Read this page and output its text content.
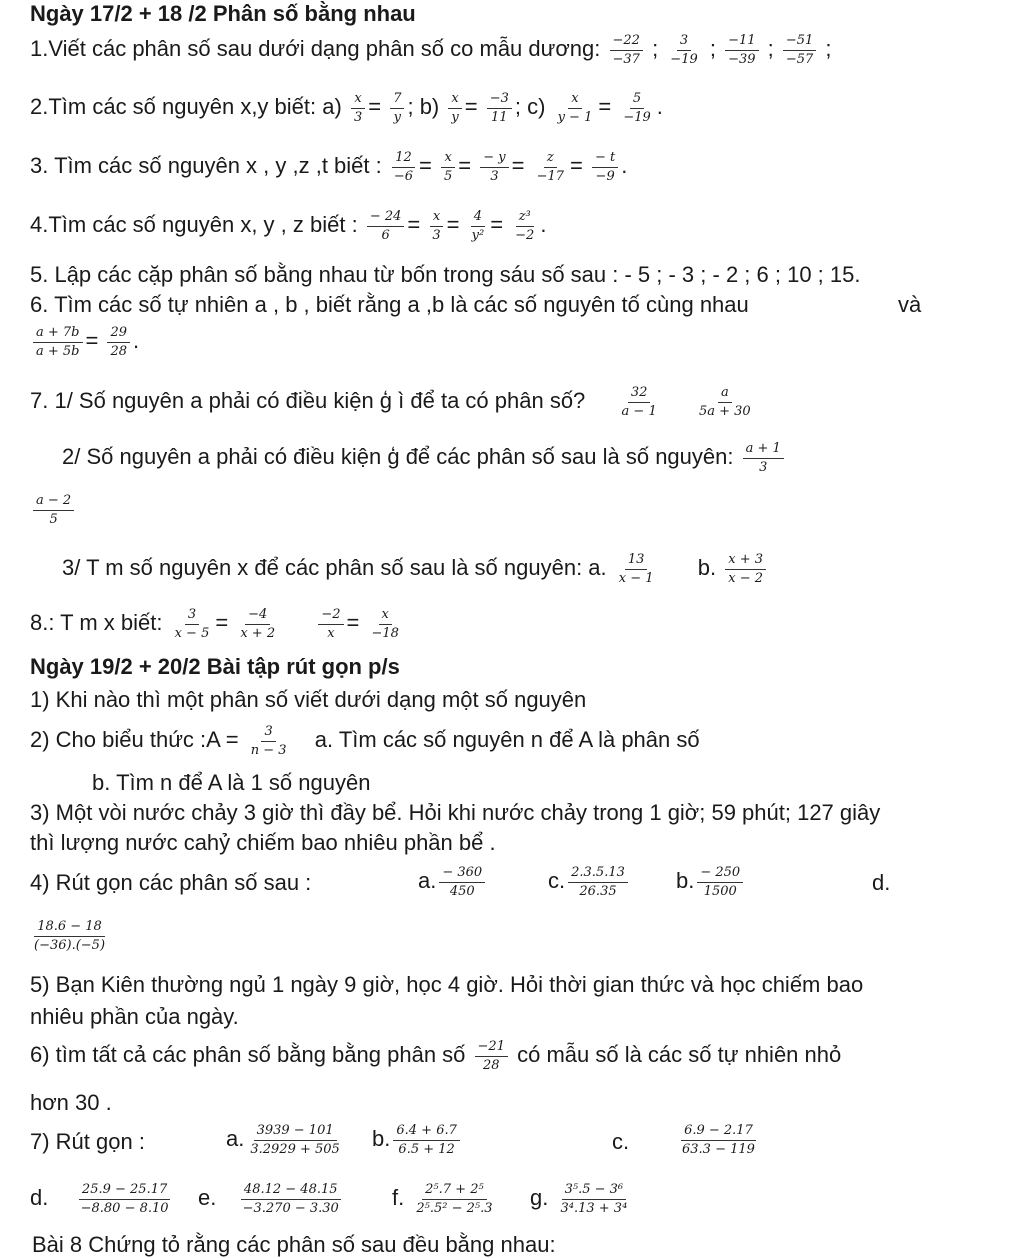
Ngày 17/2 + 18 /2 Phân số bằng nhau
1.Viết các phân số sau dưới dạng phân số co mẫu dương: $\frac{-22}{-37}$ ; $\frac{3}{-19}$ ; $\frac{-11}{-39}$ ; $\frac{-51}{-57}$ ;
2.Tìm các số nguyên x,y biết: $a) \frac{x}{3} = \frac{7}{y}$ ; $b) \frac{x}{y} = \frac{-3}{11}$ ; $c) \frac{x}{y - 1} = \frac{5}{-19}$ .
3. Tìm các số nguyên x , y ,z ,t biết : $\frac{12}{-6} = \frac{x}{5} = \frac{- y}{3} = \frac{z}{-17} = \frac{- t}{-9}$ .
4.Tìm các số nguyên x, y , z biết : $\frac{- 24}{6} = \frac{x}{3} = \frac{4}{\text{y²}} = \frac{\text{z³}}{-2}$ .
5. Lập các cặp phân số bằng nhau từ bốn trong sáu số sau : - 5 ; - 3 ; - 2 ; 6 ; 10 ; 15.
6. Tìm các số tự nhiên a , b , biết rằng a ,b là các số nguyên tố cùng nhau	và
$\frac{a + 7b}{a + 5b} = \frac{29}{28}$ .
7. 1/ Số nguyên a phải có điều kiện ģ ì để ta có phân số?	$\frac{32}{a - 1}$
	$\frac{a}{5a + 30}$
2/ Số nguyên a phải có điều kiện ģ để các phân số sau là số nguyên: $\frac{a + 1}{3}$
$\frac{a - 2}{5}$
3/ T m số nguyên x để các phân số sau là số nguyên: a. $\frac{13}{x - 1} b$. $\frac{x + 3}{x - 2}$
8.: T m x biết: $\frac{3}{x - 5} = \frac{-4}{x + 2}$
	$\frac{-2}{x} = \frac{x}{-18}$
Ngày 19/2 + 20/2 Bài tập rút gọn p/s
1) Khi nào thì một phân số viết dưới dạng một số nguyên
2) Cho biểu thức :A = $\frac{3}{n - 3} a$. Tìm các số nguyên n để A là phân số
b. Tìm n để A là 1 số nguyên
3) Một vòi nước chảy 3 giờ thì đầy bể. Hỏi khi nước chảy trong 1 giờ; 59 phút; 127 giây
thì lượng nước cahỷ chiếm bao nhiêu phần bể .
4) Rút gọn các phân số sau :	a. $\frac{- 360}{450}$	c. $\frac{2.3.5.13}{26.35} b$. $\frac{- 250}{1500}$	d.
$\frac{18.6 - 18}{(-36).(-5)}$
5) Bạn Kiên thường ngủ 1 ngày 9 giờ, học 4 giờ. Hỏi thời gian thức và học chiếm bao
nhiêu phần của ngày.
6) tìm tất cả các phân số bằng bằng phân số $\frac{-21}{28}$ có mẫu số là các số tự nhiên nhỏ
hơn 30 .
7) Rút gọn :	a. $\frac{3939 - 101}{3.2929 + 505} b$. $\frac{6.4 + 6.7}{6.5 + 12}$	c.	$\frac{6.9 - 2.17}{63.3 - 119}$
d. $\frac{25.9 - 25.17}{-8.80 - 8.10} e$. $\frac{48.12 - 48.15}{-3.270 - 3.30} f$. $\frac{\text{2⁵.7 + 2⁵}}{\text{2⁵.5² − 2⁵.3}} g$. $\frac{\text{3⁵.5 − 3⁶}}{\text{3⁴.13 + 3⁴}}$
Bài 8 Chứng tỏ rằng các phân số sau đều bằng nhau:
